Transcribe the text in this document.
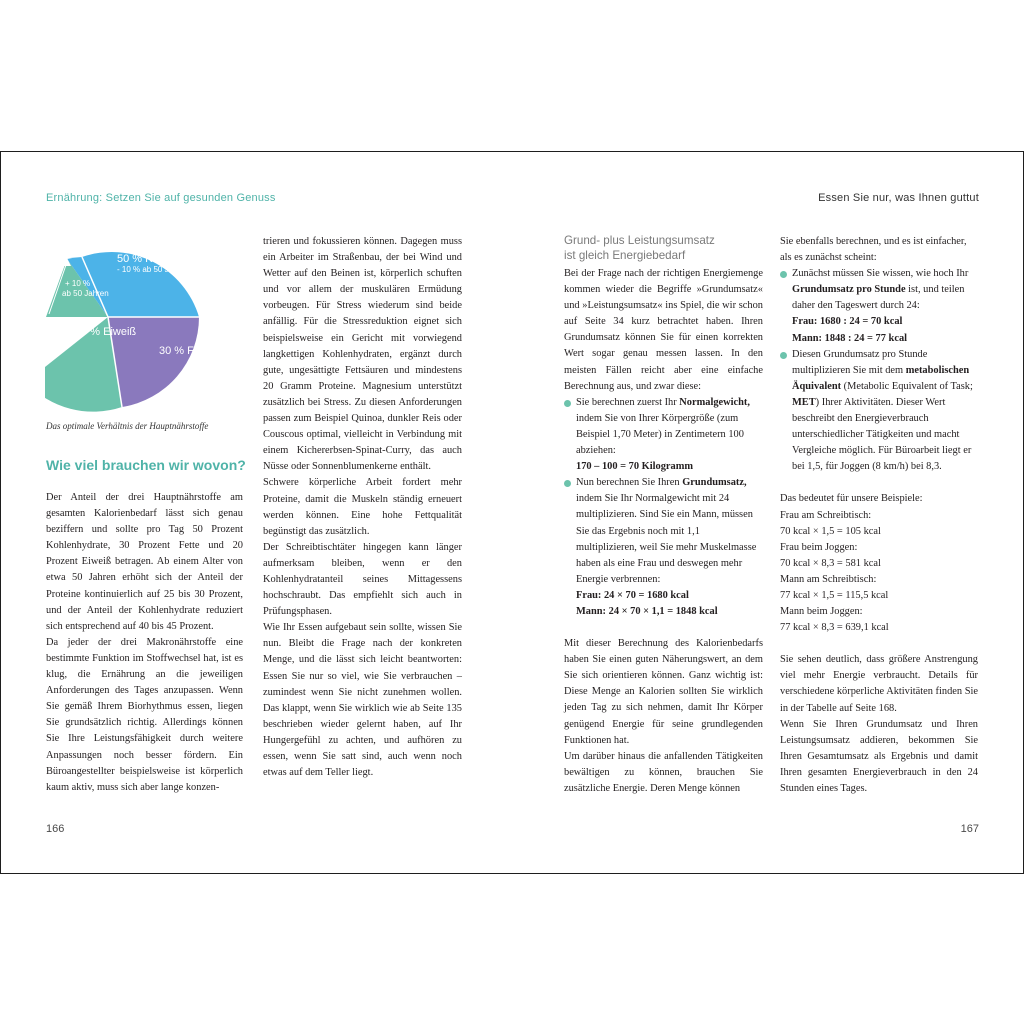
Ernährung: Setzen Sie auf gesunden Genuss
50 % Kohlenhydrate
- 10 % ab 50 Jahren
+ 10 %
ab 50 Jahren
30 % Fette
20 % Eiweiß
Das optimale Verhältnis der Hauptnährstoffe
Wie viel brauchen wir wovon?

Der Anteil der drei Hauptnährstoffe am gesamten Kalorienbedarf lässt sich genau beziffern und sollte pro Tag 50 Prozent Kohlenhydrate, 30 Prozent Fette und 20 Prozent Eiweiß betragen. Ab einem Alter von etwa 50 Jahren erhöht sich der Anteil der Proteine kontinuierlich auf 25 bis 30 Prozent, und der Anteil der Kohlenhydrate reduziert sich entsprechend auf 40 bis 45 Prozent.

Da jeder der drei Makronährstoffe eine bestimmte Funktion im Stoffwechsel hat, ist es klug, die Ernährung an die jeweiligen Anforderungen des Tages anzupassen. Wenn Sie gemäß Ihrem Biorhythmus essen, liegen Sie grundsätzlich richtig. Allerdings können Sie Ihre Leistungsfähigkeit durch weitere Anpassungen noch besser fördern. Ein Büroangestellter beispielsweise ist körperlich kaum aktiv, muss sich aber lange konzen-

trieren und fokussieren können. Dagegen muss ein Arbeiter im Straßenbau, der bei Wind und Wetter auf den Beinen ist, körperlich schuften und vor allem der muskulären Ermüdung vorbeugen. Für Stress wiederum sind beide anfällig. Für die Stressreduktion eignet sich beispielsweise ein Gericht mit vorwiegend langkettigen Kohlenhydraten, ergänzt durch gute, ungesättigte Fettsäuren und mindestens 20 Gramm Proteine. Magnesium unterstützt zusätzlich bei Stress. Zu diesen Anforderungen passen zum Beispiel Quinoa, dunkler Reis oder Couscous optimal, vielleicht in Verbindung mit einem Kichererbsen-Spinat-Curry, das auch Nüsse oder Sonnenblumenkerne enthält.

Schwere körperliche Arbeit fordert mehr Proteine, damit die Muskeln ständig erneuert werden können. Eine hohe Fettqualität begünstigt das zusätzlich.

Der Schreibtischtäter hingegen kann länger aufmerksam bleiben, wenn er den Kohlenhydratanteil seines Mittagessens hochschraubt. Das empfiehlt sich auch in Prüfungsphasen.

Wie Ihr Essen aufgebaut sein sollte, wissen Sie nun. Bleibt die Frage nach der konkreten Menge, und die lässt sich leicht beantworten: Essen Sie nur so viel, wie Sie verbrauchen – zumindest wenn Sie nicht zunehmen wollen. Das klappt, wenn Sie wirklich wie ab Seite 135 beschrieben wieder gelernt haben, auf Ihr Hungergefühl zu achten, und aufhören zu essen, wenn Sie satt sind, auch wenn noch etwas auf dem Teller liegt.

166
Essen Sie nur, was Ihnen guttut
Grund- plus Leistungsumsatz
ist gleich Energiebedarf

Bei der Frage nach der richtigen Energiemenge kommen wieder die Begriffe »Grundumsatz« und »Leistungsumsatz« ins Spiel, die wir schon auf Seite 34 kurz betrachtet haben. Ihren Grundumsatz können Sie für einen korrekten Wert sogar genau messen lassen. In den meisten Fällen reicht aber eine einfache Berechnung aus, und zwar diese:

Sie berechnen zuerst Ihr Normalgewicht, indem Sie von Ihrer Körpergröße (zum Beispiel 1,70 Meter) in Zentimetern 100 abziehen:
170 – 100 = 70 Kilogramm
Nun berechnen Sie Ihren Grundumsatz, indem Sie Ihr Normalgewicht mit 24 multiplizieren. Sind Sie ein Mann, müssen Sie das Ergebnis noch mit 1,1 multiplizieren, weil Sie mehr Muskelmasse haben als eine Frau und deswegen mehr Energie verbrennen:
Frau: 24 × 70 = 1680 kcal
Mann: 24 × 70 × 1,1 = 1848 kcal

Mit dieser Berechnung des Kalorienbedarfs haben Sie einen guten Näherungswert, an dem Sie sich orientieren können. Ganz wichtig ist: Diese Menge an Kalorien sollten Sie wirklich jeden Tag zu sich nehmen, damit Ihr Körper genügend Energie für seine grundlegenden Funktionen hat.

Um darüber hinaus die anfallenden Tätigkeiten bewältigen zu können, brauchen Sie zusätzliche Energie. Deren Menge können

Sie ebenfalls berechnen, und es ist einfacher, als es zunächst scheint:

Zunächst müssen Sie wissen, wie hoch Ihr Grundumsatz pro Stunde ist, und teilen daher den Tageswert durch 24:
Frau: 1680 : 24 = 70 kcal
Mann: 1848 : 24 = 77 kcal
Diesen Grundumsatz pro Stunde multiplizieren Sie mit dem metabolischen Äquivalent (Metabolic Equivalent of Task; MET) Ihrer Aktivitäten. Dieser Wert beschreibt den Energieverbrauch unterschiedlicher Tätigkeiten und macht Vergleiche möglich. Für Büroarbeit liegt er bei 1,5, für Joggen (8 km/h) bei 8,3.

Das bedeutet für unsere Beispiele:

Frau am Schreibtisch:
70 kcal × 1,5 = 105 kcal
Frau beim Joggen:
70 kcal × 8,3 = 581 kcal
Mann am Schreibtisch:
77 kcal × 1,5 = 115,5 kcal
Mann beim Joggen:
77 kcal × 8,3 = 639,1 kcal

Sie sehen deutlich, dass größere Anstrengung viel mehr Energie verbraucht. Details für verschiedene körperliche Aktivitäten finden Sie in der Tabelle auf Seite 168.

Wenn Sie Ihren Grundumsatz und Ihren Leistungsumsatz addieren, bekommen Sie Ihren Gesamtumsatz als Ergebnis und damit Ihren gesamten Energieverbrauch in den 24 Stunden eines Tages.

167
